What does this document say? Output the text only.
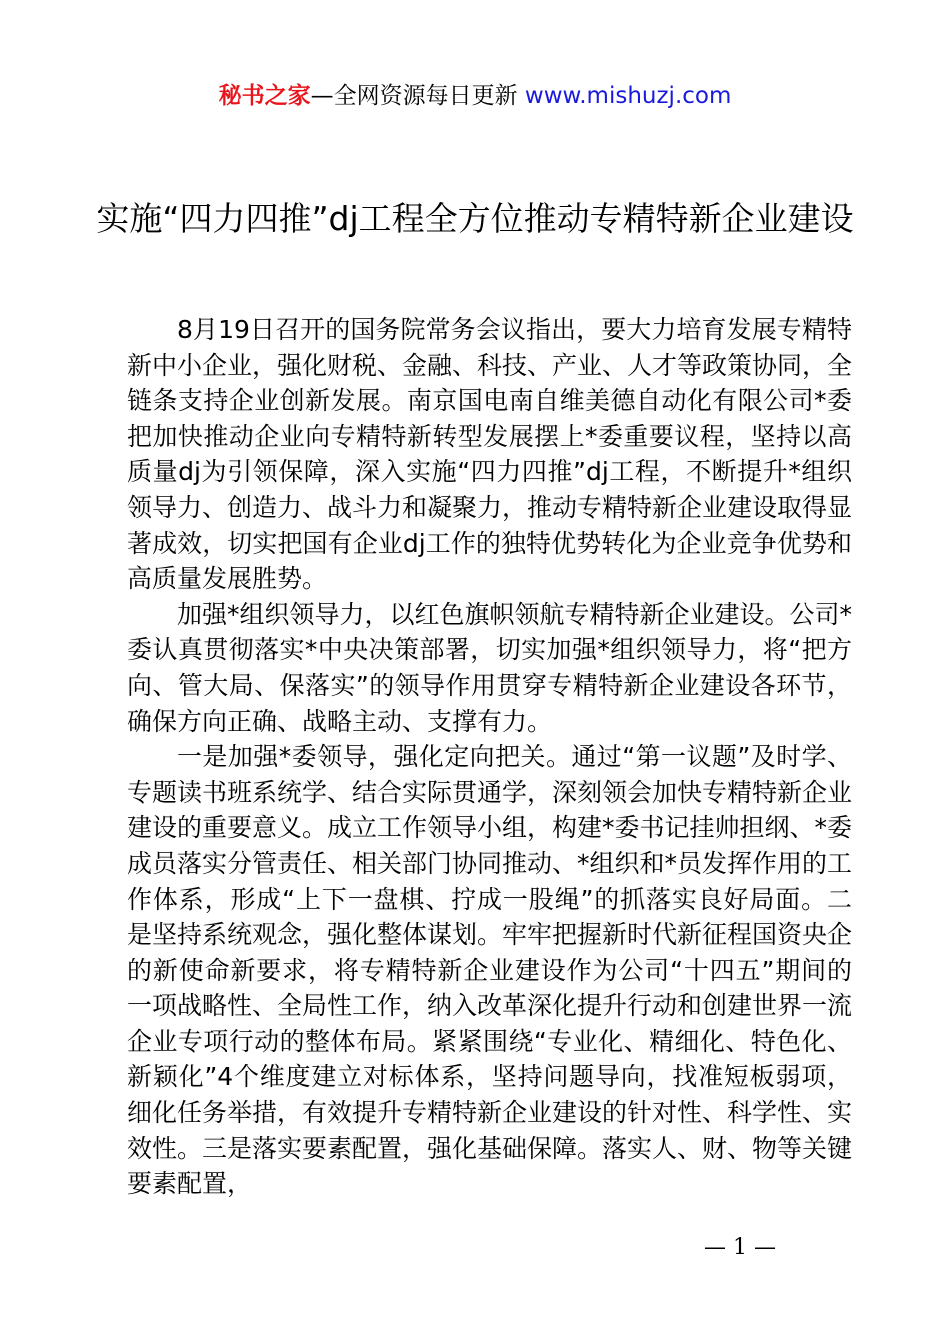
秘书之家—全网资源每日更新 www.mishuzj.com
实施“四力四推”dj工程全方位推动专精特新企业建设

8月19日召开的国务院常务会议指出，要大力培育发展专精特新中小企业，强化财税、金融、科技、产业、人才等政策协同，全链条支持企业创新发展。南京国电南自维美德自动化有限公司*委把加快推动企业向专精特新转型发展摆上*委重要议程，坚持以高质量dj为引领保障，深入实施“四力四推”dj工程，不断提升*组织领导力、创造力、战斗力和凝聚力，推动专精特新企业建设取得显著成效，切实把国有企业dj工作的独特优势转化为企业竞争优势和高质量发展胜势。

加强*组织领导力，以红色旗帜领航专精特新企业建设。公司*委认真贯彻落实*中央决策部署，切实加强*组织领导力，将“把方向、管大局、保落实”的领导作用贯穿专精特新企业建设各环节，确保方向正确、战略主动、支撑有力。

一是加强*委领导，强化定向把关。通过“第一议题”及时学、专题读书班系统学、结合实际贯通学，深刻领会加快专精特新企业建设的重要意义。成立工作领导小组，构建*委书记挂帅担纲、*委成员落实分管责任、相关部门协同推动、*组织和*员发挥作用的工作体系，形成“上下一盘棋、拧成一股绳”的抓落实良好局面。二是坚持系统观念，强化整体谋划。牢牢把握新时代新征程国资央企的新使命新要求，将专精特新企业建设作为公司“十四五”期间的一项战略性、全局性工作，纳入改革深化提升行动和创建世界一流企业专项行动的整体布局。紧紧围绕“专业化、精细化、特色化、新颖化”4个维度建立对标体系，坚持问题导向，找准短板弱项，细化任务举措，有效提升专精特新企业建设的针对性、科学性、实效性。三是落实要素配置，强化基础保障。落实人、财、物等关键要素配置，

— 1 —
